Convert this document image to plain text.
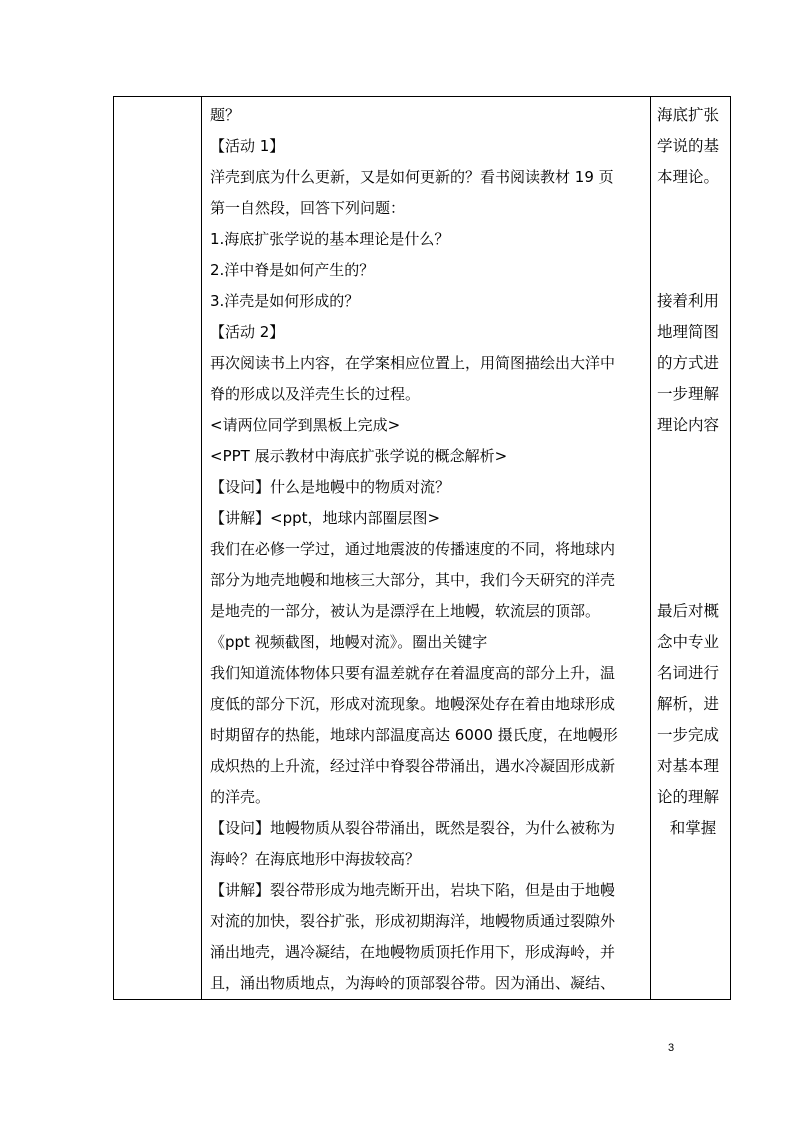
题？
【活动 1】
洋壳到底为什么更新，又是如何更新的？看书阅读教材 19 页
第一自然段，回答下列问题：
1.海底扩张学说的基本理论是什么？
2.洋中脊是如何产生的？
3.洋壳是如何形成的？
【活动 2】
再次阅读书上内容，在学案相应位置上，用简图描绘出大洋中
脊的形成以及洋壳生长的过程。
<请两位同学到黑板上完成>
<PPT 展示教材中海底扩张学说的概念解析>
【设问】什么是地幔中的物质对流？
【讲解】<ppt，地球内部圈层图>
我们在必修一学过，通过地震波的传播速度的不同，将地球内
部分为地壳地幔和地核三大部分，其中，我们今天研究的洋壳
是地壳的一部分，被认为是漂浮在上地幔，软流层的顶部。
《ppt 视频截图，地幔对流》。圈出关键字
我们知道流体物体只要有温差就存在着温度高的部分上升，温
度低的部分下沉，形成对流现象。地幔深处存在着由地球形成
时期留存的热能，地球内部温度高达 6000 摄氏度，在地幔形
成炽热的上升流，经过洋中脊裂谷带涌出，遇水冷凝固形成新
的洋壳。
【设问】地幔物质从裂谷带涌出，既然是裂谷，为什么被称为
海岭？在海底地形中海拔较高？
【讲解】裂谷带形成为地壳断开出，岩块下陷，但是由于地幔
对流的加快，裂谷扩张，形成初期海洋，地幔物质通过裂隙外
涌出地壳，遇冷凝结，在地幔物质顶托作用下，形成海岭，并
且，涌出物质地点，为海岭的顶部裂谷带。因为涌出、凝结、
海底扩张
学说的基
本理论。
接着利用
地理简图
的方式进
一步理解
理论内容
最后对概
念中专业
名词进行
解析，进
一步完成
对基本理
论的理解
和掌握
3
